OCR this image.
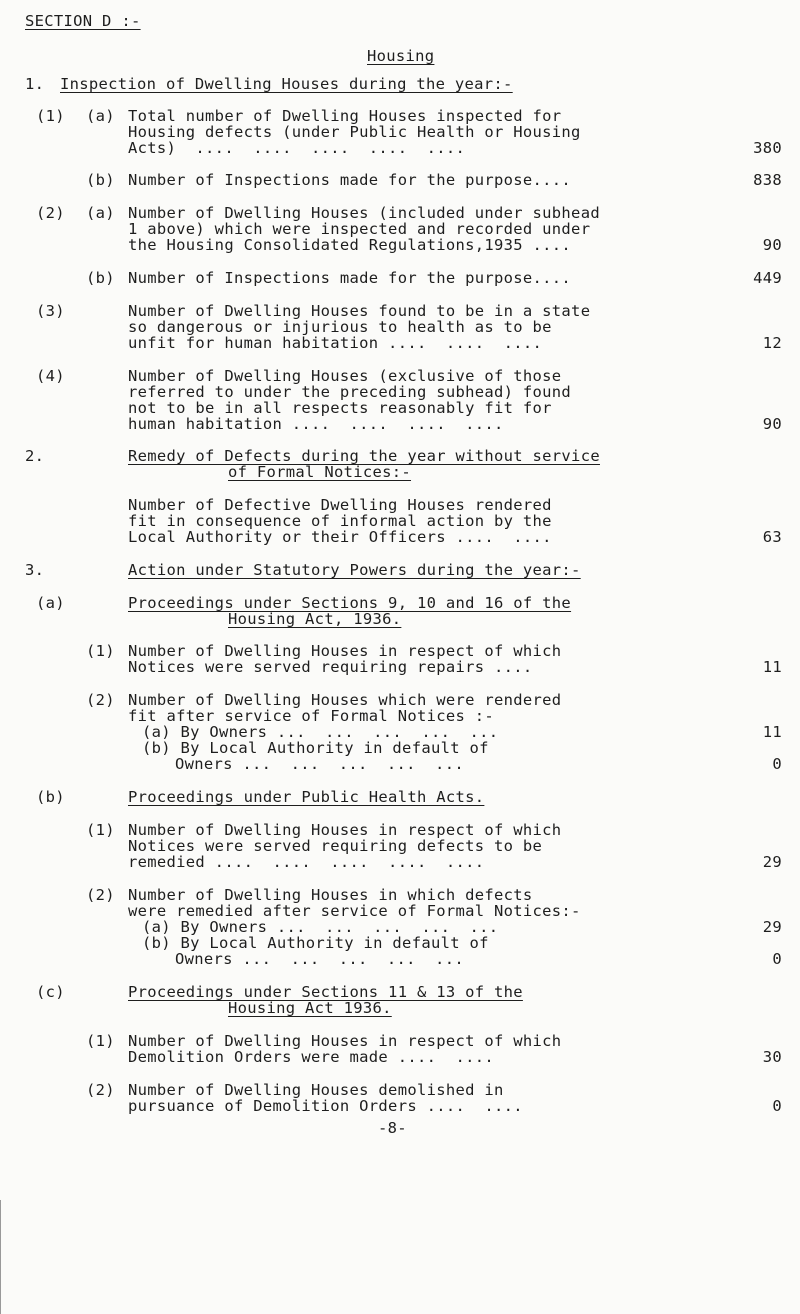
SECTION D :-
Housing
1. Inspection of Dwelling Houses during the year:-
(1) (a) Total number of Dwelling Houses inspected for
Housing defects (under Public Health or Housing
Acts)  ....  ....  ....  ....  ....	380
(b) Number of Inspections made for the purpose....	838
(2) (a) Number of Dwelling Houses (included under subhead
1 above) which were inspected and recorded under
the Housing Consolidated Regulations,1935 ....	90
(b) Number of Inspections made for the purpose....	449
(3)	Number of Dwelling Houses found to be in a state
so dangerous or injurious to health as to be
unfit for human habitation ....  ....  ....	12
(4)	Number of Dwelling Houses (exclusive of those
referred to under the preceding subhead) found
not to be in all respects reasonably fit for
human habitation ....  ....  ....  ....	90
2.	Remedy of Defects during the year without service
of Formal Notices:-
Number of Defective Dwelling Houses rendered
fit in consequence of informal action by the
Local Authority or their Officers ....  ....	63
3.	Action under Statutory Powers during the year:-
(a)	Proceedings under Sections 9, 10 and 16 of the
Housing Act, 1936.
(1) Number of Dwelling Houses in respect of which
Notices were served requiring repairs ....	11
(2) Number of Dwelling Houses which were rendered
fit after service of Formal Notices :-
(a) By Owners ...  ...  ...  ...  ...	11
(b) By Local Authority in default of
Owners ...  ...  ...  ...  ...	0
(b)	Proceedings under Public Health Acts.
(1) Number of Dwelling Houses in respect of which
Notices were served requiring defects to be
remedied ....  ....  ....  ....  ....	29
(2) Number of Dwelling Houses in which defects
were remedied after service of Formal Notices:-
(a) By Owners ...  ...  ...  ...  ...	29
(b) By Local Authority in default of
Owners ...  ...  ...  ...  ...	0
(c)	Proceedings under Sections 11 & 13 of the
Housing Act 1936.
(1) Number of Dwelling Houses in respect of which
Demolition Orders were made ....  ....	30
(2) Number of Dwelling Houses demolished in
pursuance of Demolition Orders ....  ....	0
-8-
